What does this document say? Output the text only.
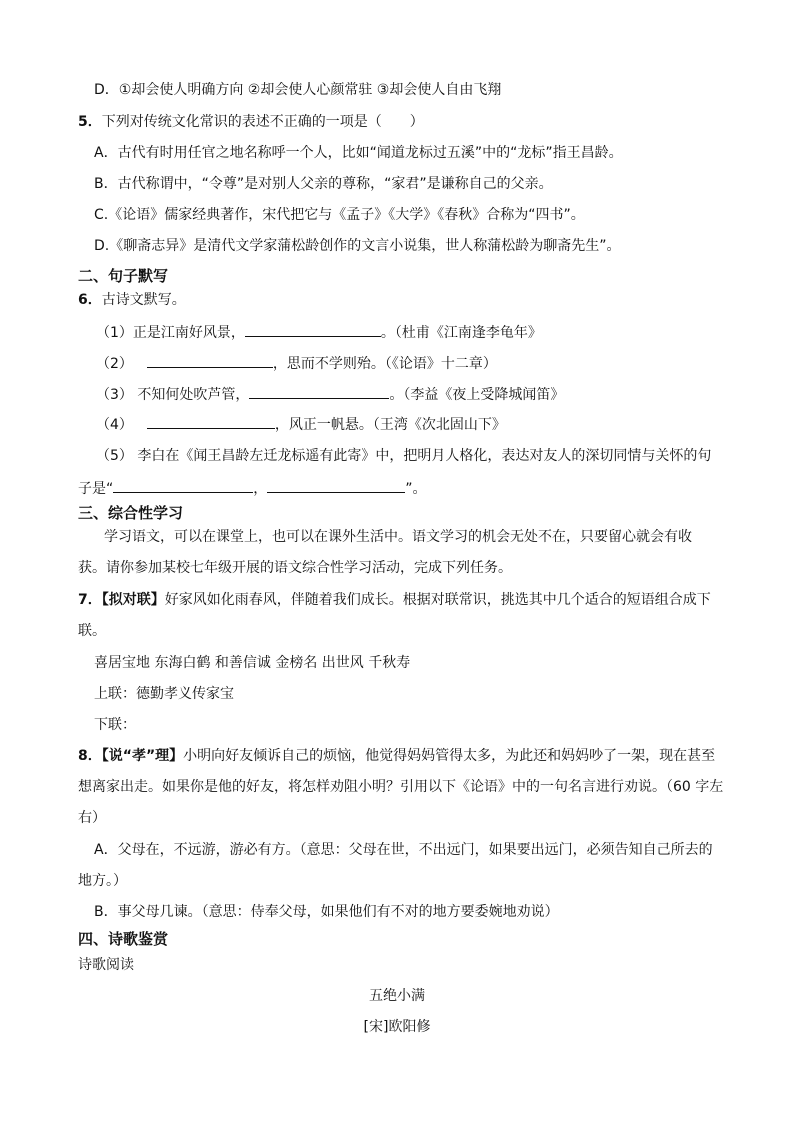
D．①却会使人明确方向 ②却会使人心颜常驻 ③却会使人自由飞翔
5．下列对传统文化常识的表述不正确的一项是（　　）
A．古代有时用任官之地名称呼一个人，比如“闻道龙标过五溪”中的“龙标”指王昌龄。
B．古代称谓中，“令尊”是对别人父亲的尊称，“家君”是谦称自己的父亲。
C.《论语》儒家经典著作，宋代把它与《孟子》《大学》《春秋》合称为“四书”。
D.《聊斋志异》是清代文学家蒲松龄创作的文言小说集，世人称蒲松龄为聊斋先生”。
二、句子默写
6．古诗文默写。
（1）正是江南好风景，	。（杜甫《江南逢李龟年》
（2）	，思而不学则殆。（《论语》十二章）
（3） 不知何处吹芦管，	。（李益《夜上受降城闻笛》
（4）	，风正一帆悬。（王湾《次北固山下》
（5） 李白在《闻王昌龄左迁龙标遥有此寄》中，把明月人格化，表达对友人的深切同情与关怀的句
子是“	，	”。
三、综合性学习
学习语文，可以在课堂上，也可以在课外生活中。语文学习的机会无处不在，只要留心就会有收
获。请你参加某校七年级开展的语文综合性学习活动，完成下列任务。
7．【拟对联】好家风如化雨春风，伴随着我们成长。根据对联常识，挑选其中几个适合的短语组合成下
联。
喜居宝地 东海白鹤 和善信诚 金榜名 出世风 千秋寿
上联：德勤孝义传家宝
下联：
8．【说“孝”理】小明向好友倾诉自己的烦恼，他觉得妈妈管得太多，为此还和妈妈吵了一架，现在甚至
想离家出走。如果你是他的好友，将怎样劝阻小明？引用以下《论语》中的一句名言进行劝说。（60 字左
右）
A．父母在，不远游，游必有方。（意思：父母在世，不出远门，如果要出远门，必须告知自己所去的
地方。）
B．事父母几谏。（意思：侍奉父母，如果他们有不对的地方要委婉地劝说）
四、诗歌鉴赏
诗歌阅读
五绝小满
[宋]欧阳修
